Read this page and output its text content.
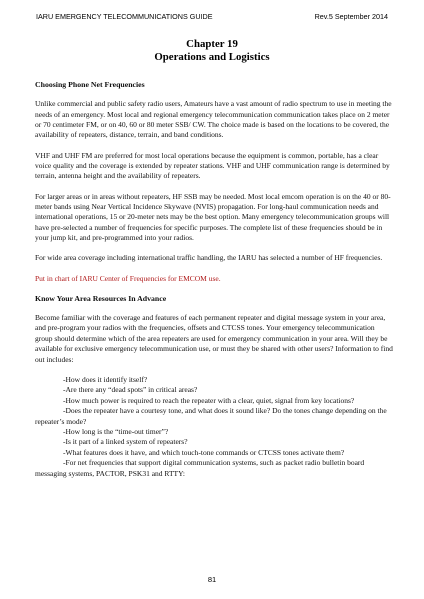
IARU EMERGENCY TELECOMMUNICATIONS GUIDE	Rev.5 September 2014
Chapter 19
Operations and Logistics
Choosing Phone Net Frequencies

Unlike commercial and public safety radio users, Amateurs have a vast amount of radio spectrum to use in meeting the needs of an emergency. Most local and regional emergency telecommunication communication takes place on 2 meter or 70 centimeter FM, or on 40, 60 or 80 meter SSB/ CW. The choice made is based on the locations to be covered, the availability of repeaters, distance, terrain, and band conditions.

VHF and UHF FM are preferred for most local operations because the equipment is common, portable, has a clear voice quality and the coverage is extended by repeater stations. VHF and UHF communication range is determined by terrain, antenna height and the availability of repeaters.

For larger areas or in areas without repeaters, HF SSB may be needed. Most local emcom operation is on the 40 or 80-meter bands using Near Vertical Incidence Skywave (NVIS) propagation. For long-haul communication needs and international operations, 15 or 20-meter nets may be the best option. Many emergency telecommunication groups will have pre-selected a number of frequencies for specific purposes. The complete list of these frequencies should be in your jump kit, and pre-programmed into your radios.

For wide area coverage including international traffic handling, the IARU has selected a number of HF frequencies.

Put in chart of IARU Center of Frequencies for EMCOM use.

Know Your Area Resources In Advance

Become familiar with the coverage and features of each permanent repeater and digital message system in your area, and pre-program your radios with the frequencies, offsets and CTCSS tones. Your emergency telecommunication group should determine which of the area repeaters are used for emergency communication in your area. Will they be available for exclusive emergency telecommunication use, or must they be shared with other users? Information to find out includes:

-How does it identify itself?
-Are there any “dead spots” in critical areas?
-How much power is required to reach the repeater with a clear, quiet, signal from key locations?
-Does the repeater have a courtesy tone, and what does it sound like? Do the tones change depending on the repeater’s mode?
-How long is the “time-out timer”?
-Is it part of a linked system of repeaters?
-What features does it have, and which touch-tone commands or CTCSS tones activate them?
-For net frequencies that support digital communication systems, such as packet radio bulletin board messaging systems, PACTOR, PSK31 and RTTY:
81
